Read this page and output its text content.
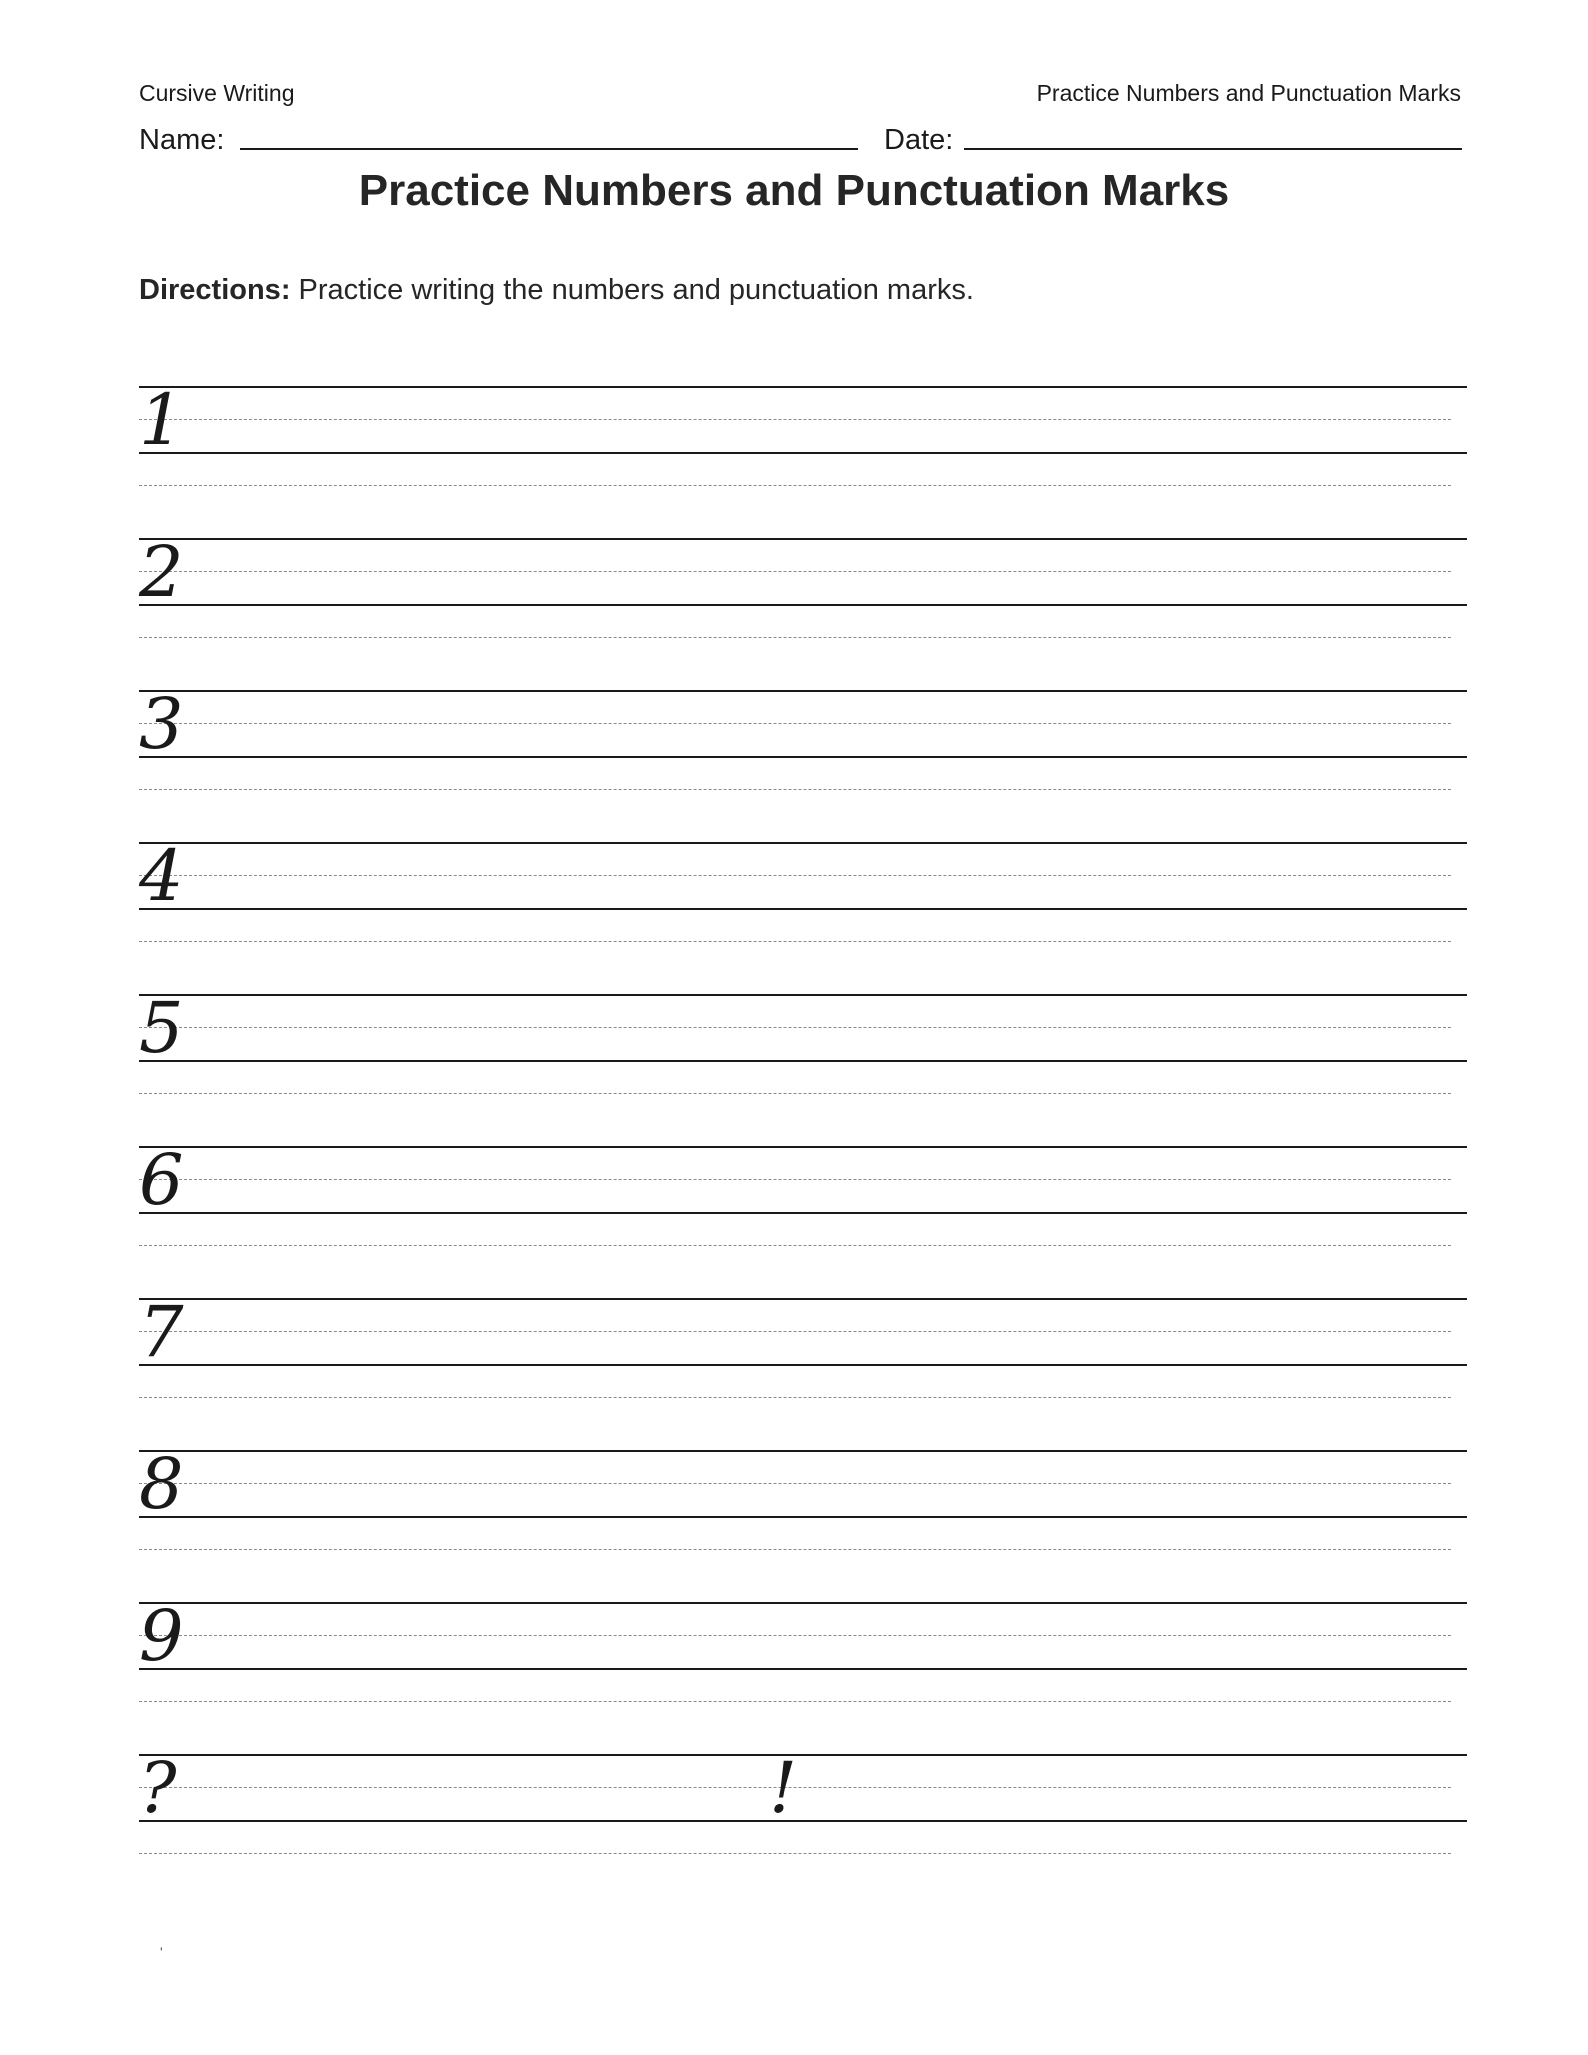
Cursive Writing	Practice Numbers and Punctuation Marks
Name:	Date:
Practice Numbers and Punctuation Marks
Directions: Practice writing the numbers and punctuation marks.
1
2
3
4
5
6
7
8
9
?	!
'
